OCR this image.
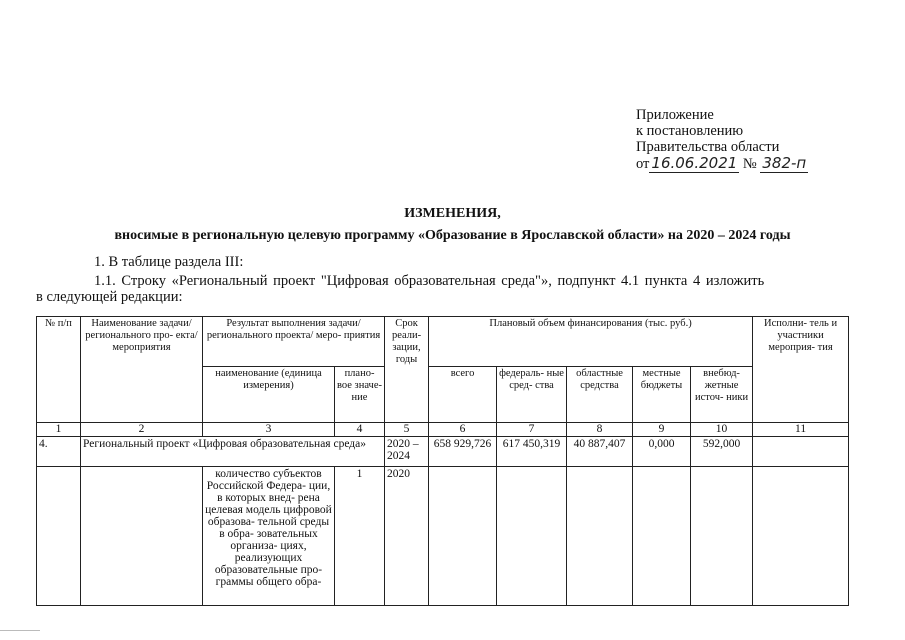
Приложение
к постановлению
Правительства области
от 16.06.2021 № 382-п
ИЗМЕНЕНИЯ,
вносимые в региональную целевую программу «Образование в Ярославской области» на 2020 – 2024 годы
1. В таблице раздела III:
1.1. Строку «Региональный проект "Цифровая образовательная среда"», подпункт 4.1 пункта 4 изложить
в следующей редакции:
№ п/п	Наименование задачи/ регионального про- екта/ мероприятия	Результат выполнения задачи/ регионального проекта/ меро- приятия		Срок реали- зации, годы	Плановый объем финансирования (тыс. руб.)					Исполни- тель и участники мероприя- тия
		наименование (единица измерения)	плано- вое значе- ние		всего	федераль- ные сред- ства	областные средства	местные бюджеты	внебюд- жетные источ- ники	
1	2	3	4	5	6	7	8	9	10	11
4.	Региональный проект «Цифровая образовательная среда»			2020 – 2024	658 929,726	617 450,319	40 887,407	0,000	592,000	

		количество субъектов Российской Федера- ции, в которых внед- рена целевая модель цифровой образова- тельной среды в обра- зовательных организа- циях, реализующих образовательные про- граммы общего обра-	1	2020						
